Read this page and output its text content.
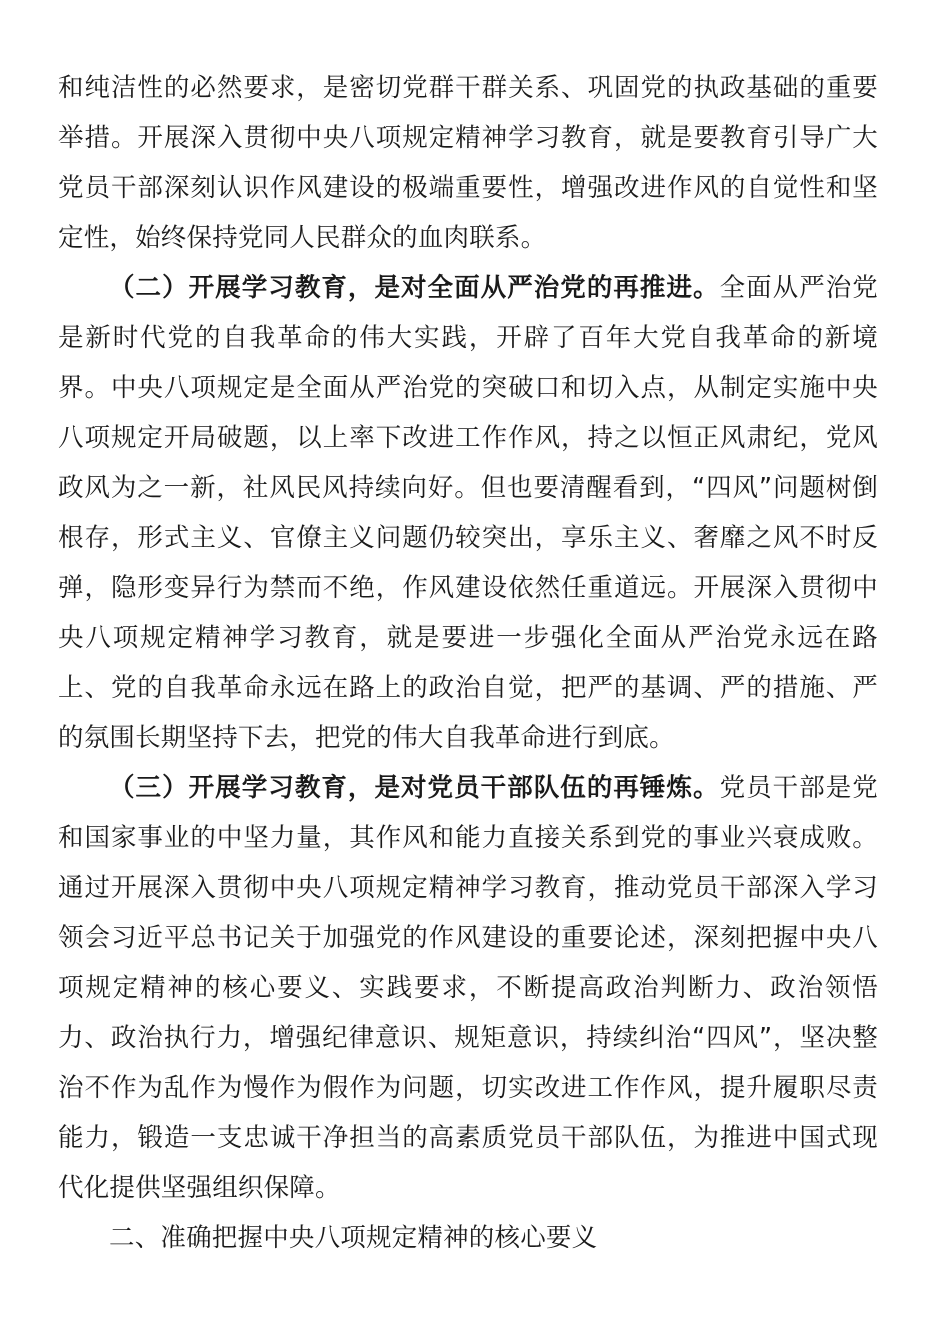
和纯洁性的必然要求，是密切党群干群关系、巩固党的执政基础的重要举措。开展深入贯彻中央八项规定精神学习教育，就是要教育引导广大党员干部深刻认识作风建设的极端重要性，增强改进作风的自觉性和坚定性，始终保持党同人民群众的血肉联系。

（二）开展学习教育，是对全面从严治党的再推进。全面从严治党是新时代党的自我革命的伟大实践，开辟了百年大党自我革命的新境界。中央八项规定是全面从严治党的突破口和切入点，从制定实施中央八项规定开局破题，以上率下改进工作作风，持之以恒正风肃纪，党风政风为之一新，社风民风持续向好。但也要清醒看到，“四风”问题树倒根存，形式主义、官僚主义问题仍较突出，享乐主义、奢靡之风不时反弹，隐形变异行为禁而不绝，作风建设依然任重道远。开展深入贯彻中央八项规定精神学习教育，就是要进一步强化全面从严治党永远在路上、党的自我革命永远在路上的政治自觉，把严的基调、严的措施、严的氛围长期坚持下去，把党的伟大自我革命进行到底。

（三）开展学习教育，是对党员干部队伍的再锤炼。党员干部是党和国家事业的中坚力量，其作风和能力直接关系到党的事业兴衰成败。通过开展深入贯彻中央八项规定精神学习教育，推动党员干部深入学习领会习近平总书记关于加强党的作风建设的重要论述，深刻把握中央八项规定精神的核心要义、实践要求，不断提高政治判断力、政治领悟力、政治执行力，增强纪律意识、规矩意识，持续纠治“四风”，坚决整治不作为乱作为慢作为假作为问题，切实改进工作作风，提升履职尽责能力，锻造一支忠诚干净担当的高素质党员干部队伍，为推进中国式现代化提供坚强组织保障。

二、准确把握中央八项规定精神的核心要义
